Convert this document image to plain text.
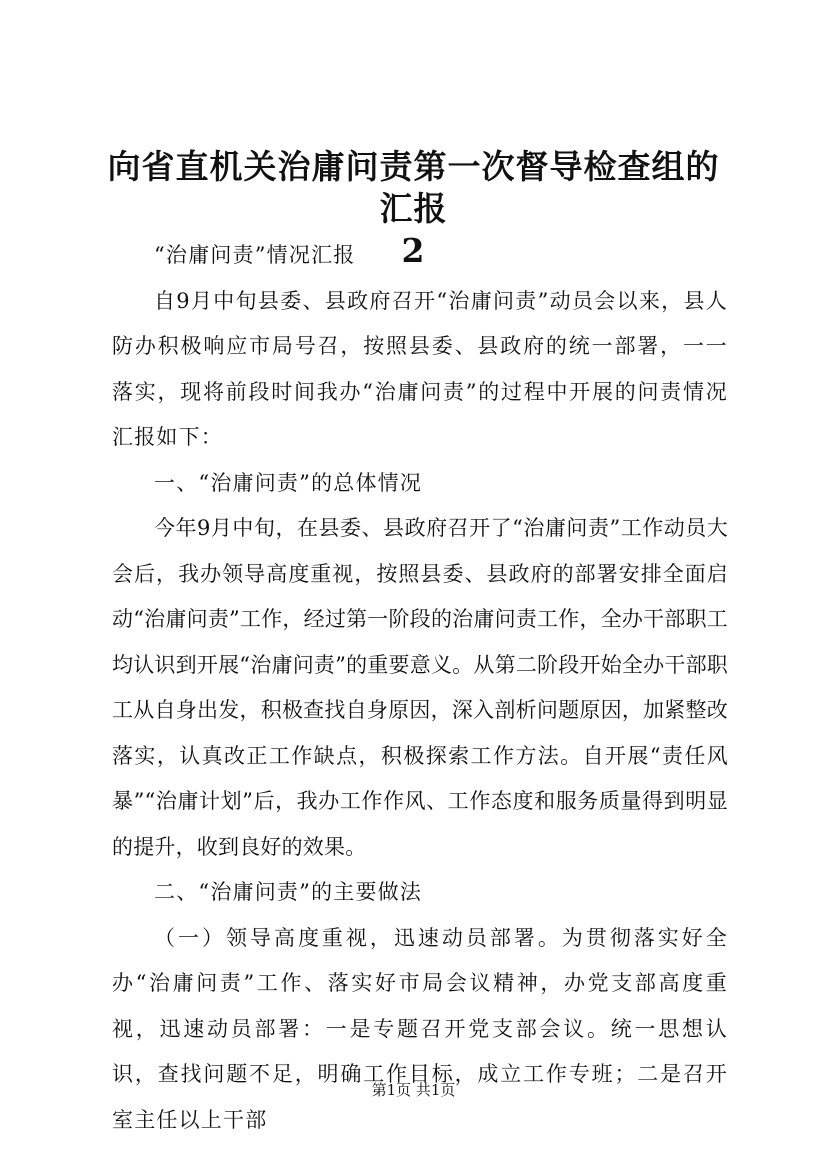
向省直机关治庸问责第一次督导检查组的汇报
2

“治庸问责”情况汇报

自9月中旬县委、县政府召开“治庸问责”动员会以来，县人防办积极响应市局号召，按照县委、县政府的统一部署，一一落实，现将前段时间我办“治庸问责”的过程中开展的问责情况汇报如下：

一、“治庸问责”的总体情况

今年9月中旬，在县委、县政府召开了“治庸问责”工作动员大会后，我办领导高度重视，按照县委、县政府的部署安排全面启动“治庸问责”工作，经过第一阶段的治庸问责工作，全办干部职工均认识到开展“治庸问责”的重要意义。从第二阶段开始全办干部职工从自身出发，积极查找自身原因，深入剖析问题原因，加紧整改落实，认真改正工作缺点，积极探索工作方法。自开展“责任风暴”“治庸计划”后，我办工作作风、工作态度和服务质量得到明显的提升，收到良好的效果。

二、“治庸问责”的主要做法

（一）领导高度重视，迅速动员部署。为贯彻落实好全办“治庸问责”工作、落实好市局会议精神，办党支部高度重视，迅速动员部署：一是专题召开党支部会议。统一思想认识，查找问题不足，明确工作目标，成立工作专班；二是召开室主任以上干部

第1页 共1页
